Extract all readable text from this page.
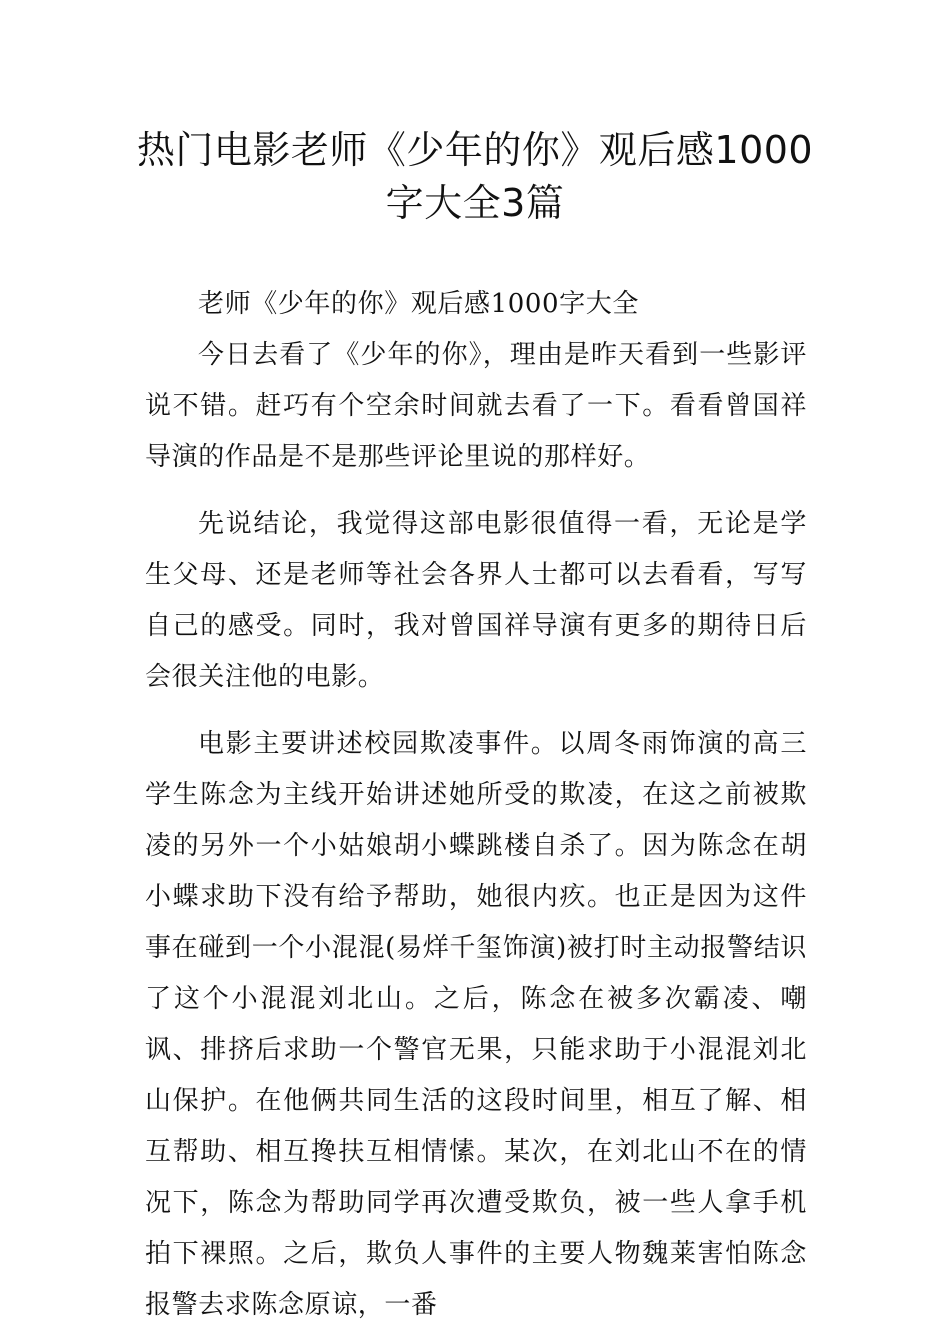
热门电影老师《少年的你》观后感1000字大全3篇

老师《少年的你》观后感1000字大全

今日去看了《少年的你》，理由是昨天看到一些影评说不错。赶巧有个空余时间就去看了一下。看看曾国祥导演的作品是不是那些评论里说的那样好。

先说结论，我觉得这部电影很值得一看，无论是学生父母、还是老师等社会各界人士都可以去看看，写写自己的感受。同时，我对曾国祥导演有更多的期待日后会很关注他的电影。

电影主要讲述校园欺凌事件。以周冬雨饰演的高三学生陈念为主线开始讲述她所受的欺凌，在这之前被欺凌的另外一个小姑娘胡小蝶跳楼自杀了。因为陈念在胡小蝶求助下没有给予帮助，她很内疚。也正是因为这件事在碰到一个小混混(易烊千玺饰演)被打时主动报警结识了这个小混混刘北山。之后，陈念在被多次霸凌、嘲讽、排挤后求助一个警官无果，只能求助于小混混刘北山保护。在他俩共同生活的这段时间里，相互了解、相互帮助、相互搀扶互相情愫。某次，在刘北山不在的情况下，陈念为帮助同学再次遭受欺负，被一些人拿手机拍下裸照。之后，欺负人事件的主要人物魏莱害怕陈念报警去求陈念原谅，一番
